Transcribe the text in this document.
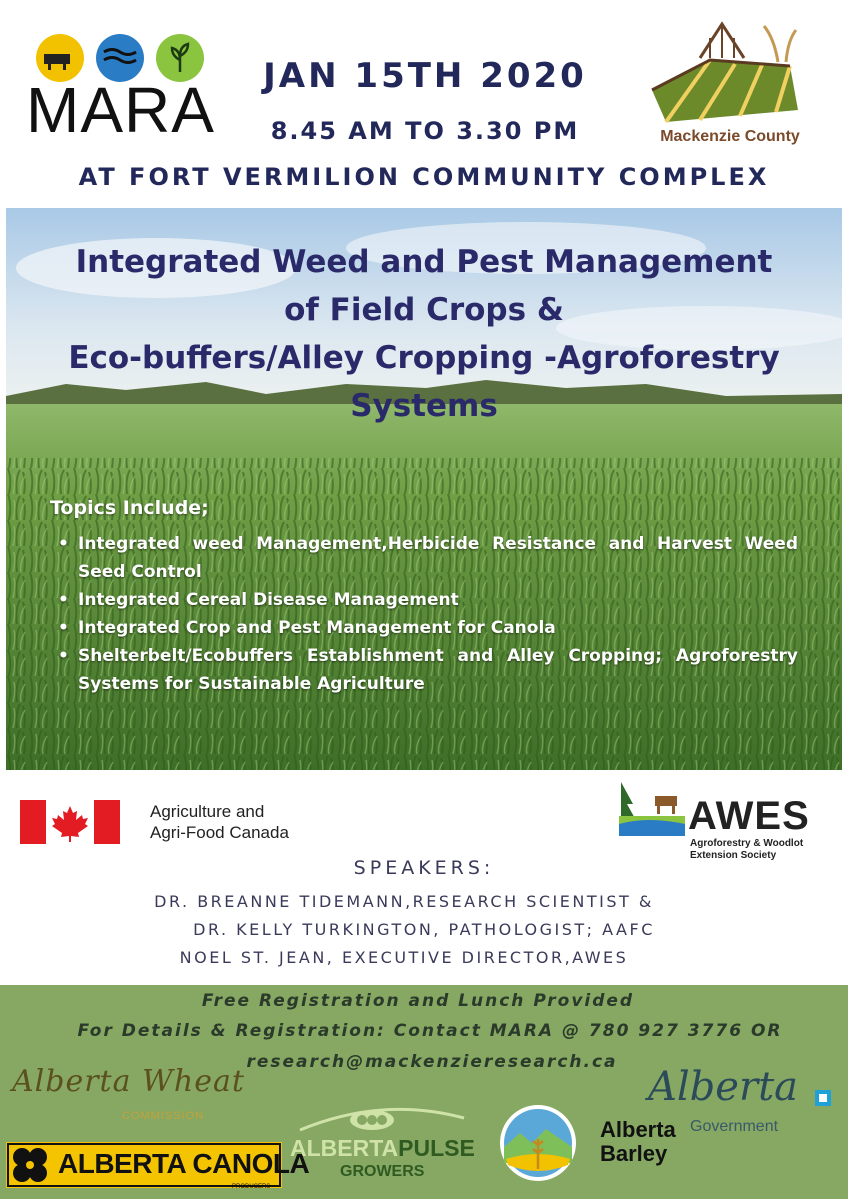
MARA	JAN 15TH 2020
8.45 AM TO 3.30 PM	Mackenzie County
AT FORT VERMILION COMMUNITY COMPLEX
Integrated Weed and Pest Management
of Field Crops &
Eco-buffers/Alley Cropping -Agroforestry
Systems
Topics Include;
• Integrated weed Management,Herbicide Resistance and Harvest Weed Seed Control
• Integrated Cereal Disease Management
• Integrated Crop and Pest Management for Canola
• Shelterbelt/Ecobuffers Establishment and Alley Cropping; Agroforestry Systems for Sustainable Agriculture
Agriculture and
Agri-Food Canada	AWES
Agroforestry & Woodlot
Extension Society
SPEAKERS:
DR. BREANNE TIDEMANN,RESEARCH SCIENTIST &
DR. KELLY TURKINGTON, PATHOLOGIST; AAFC
NOEL ST. JEAN, EXECUTIVE DIRECTOR,AWES
Free Registration and Lunch Provided
For Details & Registration: Contact MARA @ 780 927 3776 OR
research@mackenzieresearch.ca
Alberta Wheat
COMMISSION
ALBERTA CANOLA
PRODUCERS
ALBERTAPULSE
GROWERS
Alberta
Barley
Alberta
Government
